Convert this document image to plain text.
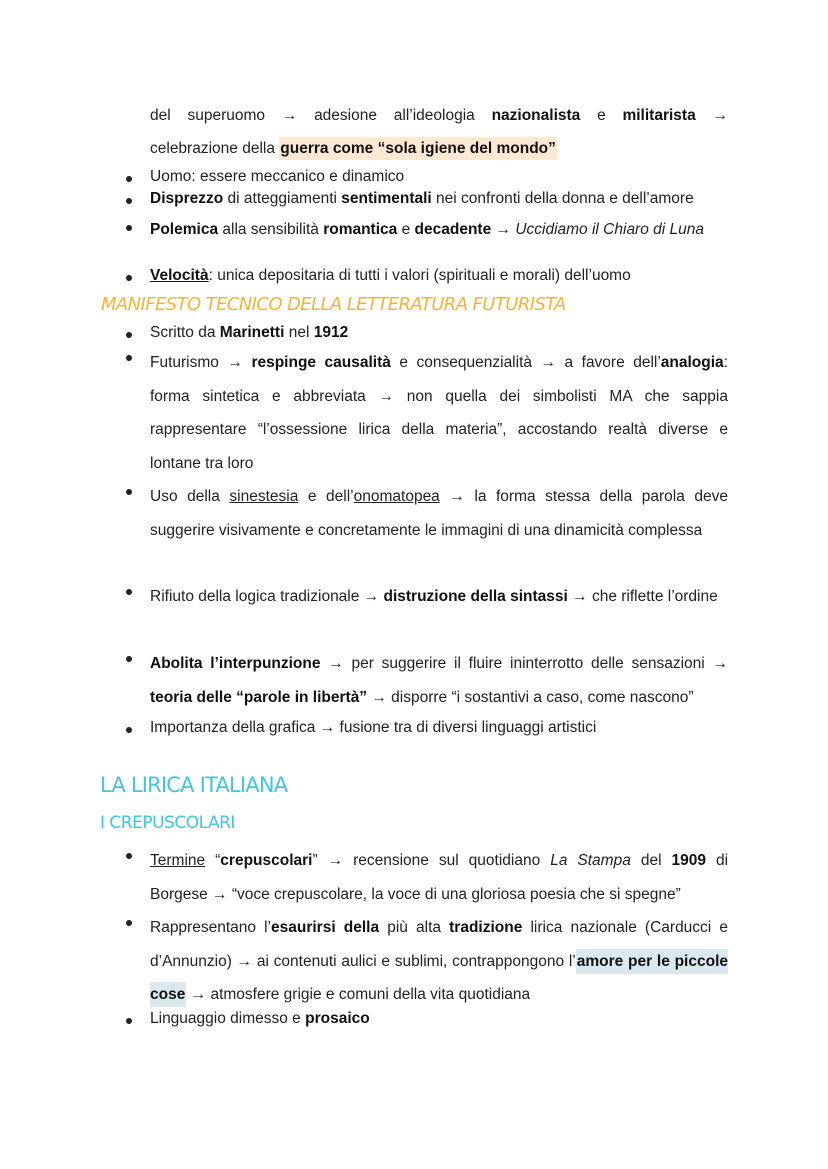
del superuomo → adesione all’ideologia nazionalista e militarista →

celebrazione della guerra come “sola igiene del mondo”

Uomo: essere meccanico e dinamico

Disprezzo di atteggiamenti sentimentali nei confronti della donna e dell’amore

Polemica alla sensibilità romantica e decadente → Uccidiamo il Chiaro di Luna

Velocità: unica depositaria di tutti i valori (spirituali e morali) dell’uomo

MANIFESTO TECNICO DELLA LETTERATURA FUTURISTA

Scritto da Marinetti nel 1912

Futurismo → respinge causalità e consequenzialità → a favore dell’analogia: forma sintetica e abbreviata → non quella dei simbolisti MA che sappia rappresentare “l’ossessione lirica della materia”, accostando realtà diverse e lontane tra loro

Uso della sinestesia e dell’onomatopea → la forma stessa della parola deve suggerire visivamente e concretamente le immagini di una dinamicità complessa

Rifiuto della logica tradizionale → distruzione della sintassi → che riflette l’ordine

Abolita l’interpunzione → per suggerire il fluire ininterrotto delle sensazioni → teoria delle “parole in libertà” → disporre “i sostantivi a caso, come nascono”

Importanza della grafica → fusione tra di diversi linguaggi artistici

LA LIRICA ITALIANA
I CREPUSCOLARI

Termine “crepuscolari” → recensione sul quotidiano La Stampa del 1909 di Borgese → “voce crepuscolare, la voce di una gloriosa poesia che si spegne”

Rappresentano l’esaurirsi della più alta tradizione lirica nazionale (Carducci e d’Annunzio) → ai contenuti aulici e sublimi, contrappongono l’amore per le piccole cose → atmosfere grigie e comuni della vita quotidiana

Linguaggio dimesso e prosaico
